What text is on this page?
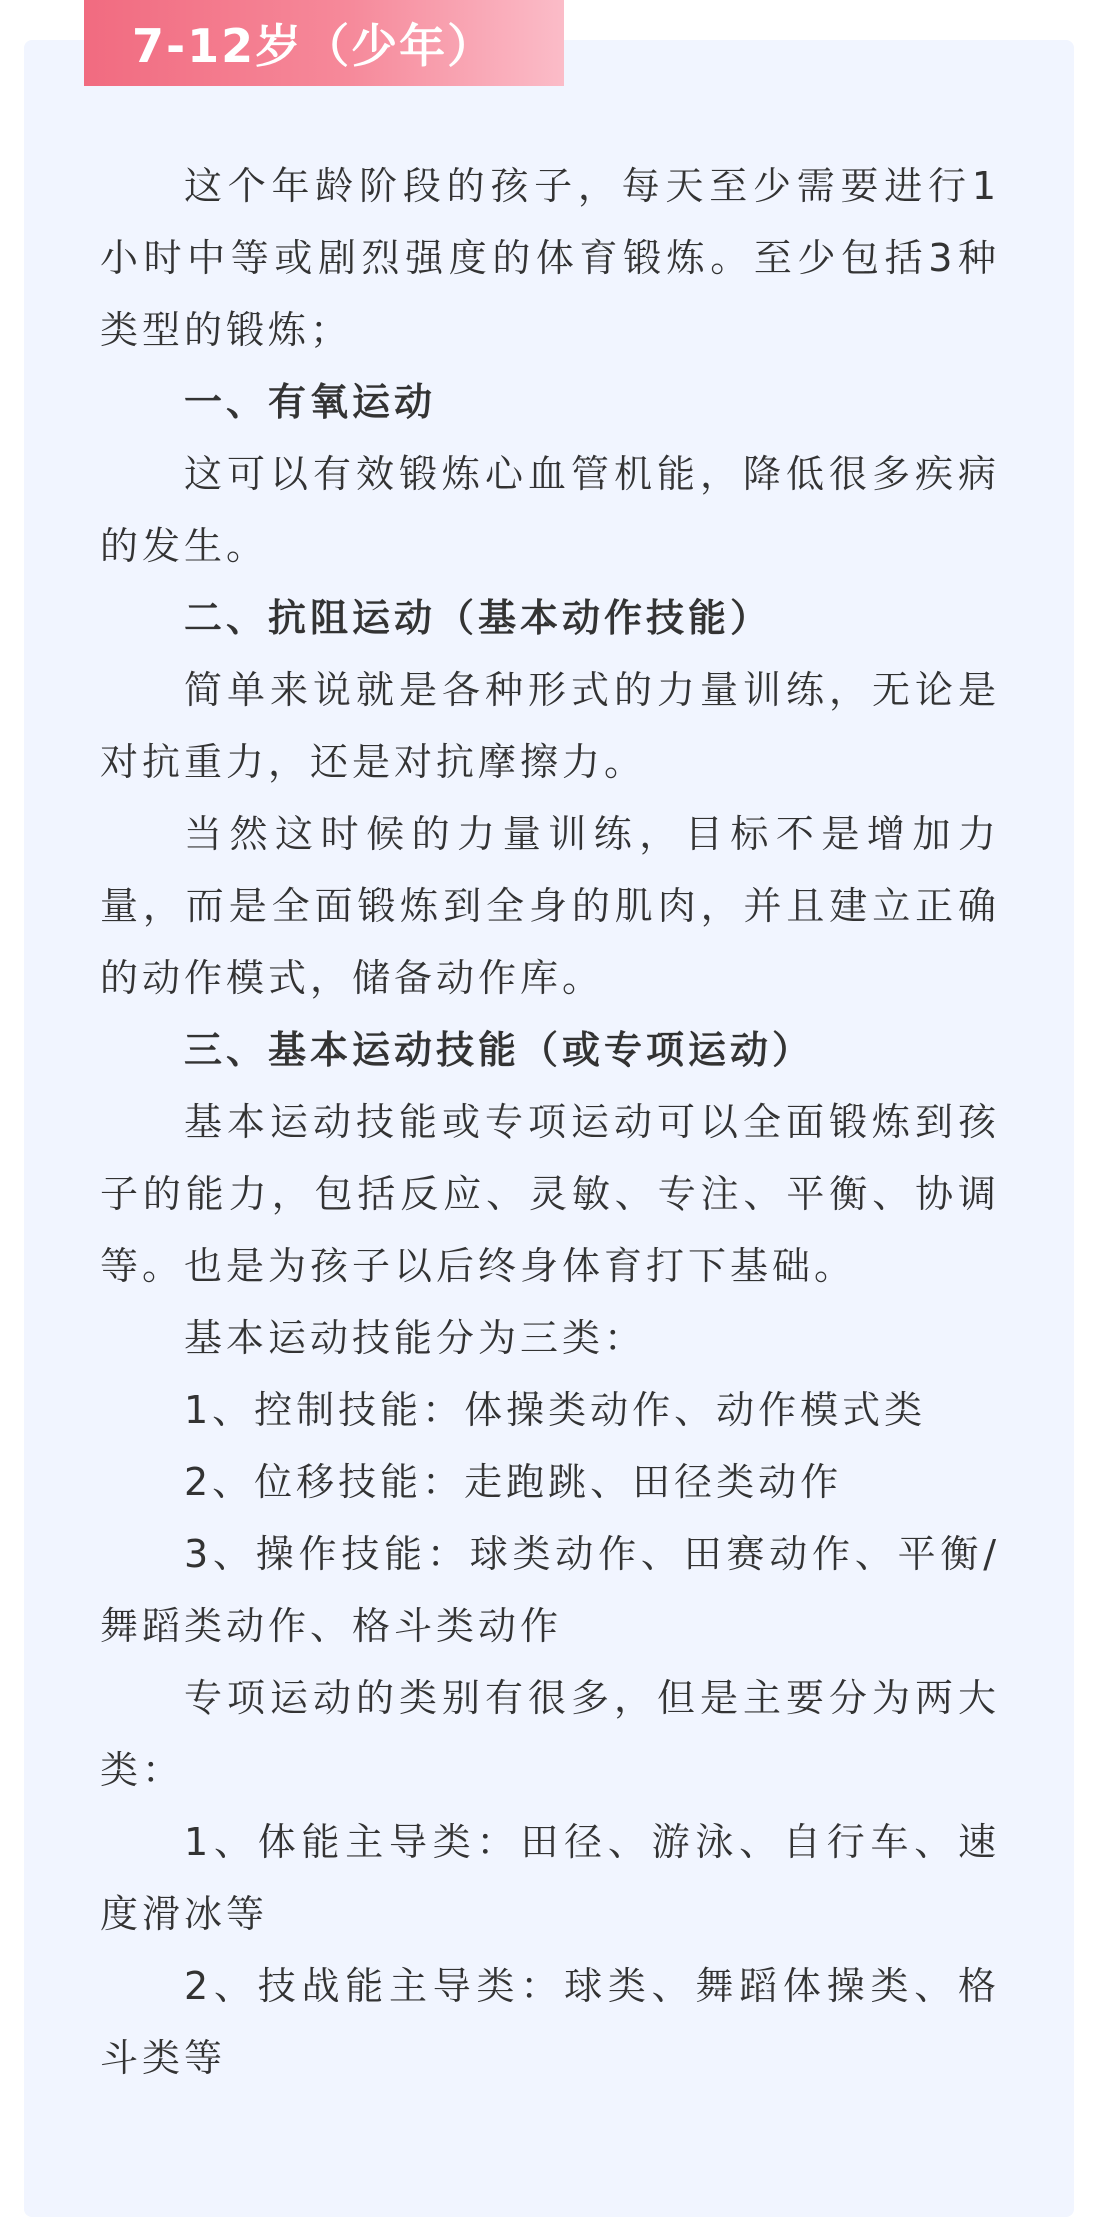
7-12岁（少年）

这个年龄阶段的孩子，每天至少需要进行1小时中等或剧烈强度的体育锻炼。至少包括3种类型的锻炼；

一、有氧运动

这可以有效锻炼心血管机能，降低很多疾病的发生。

二、抗阻运动（基本动作技能）

简单来说就是各种形式的力量训练，无论是对抗重力，还是对抗摩擦力。

当然这时候的力量训练，目标不是增加力量，而是全面锻炼到全身的肌肉，并且建立正确的动作模式，储备动作库。

三、基本运动技能（或专项运动）

基本运动技能或专项运动可以全面锻炼到孩子的能力，包括反应、灵敏、专注、平衡、协调等。也是为孩子以后终身体育打下基础。

基本运动技能分为三类：

1、控制技能：体操类动作、动作模式类

2、位移技能：走跑跳、田径类动作

3、操作技能：球类动作、田赛动作、平衡/舞蹈类动作、格斗类动作

专项运动的类别有很多，但是主要分为两大类：

1、体能主导类：田径、游泳、自行车、速度滑冰等

2、技战能主导类：球类、舞蹈体操类、格斗类等
